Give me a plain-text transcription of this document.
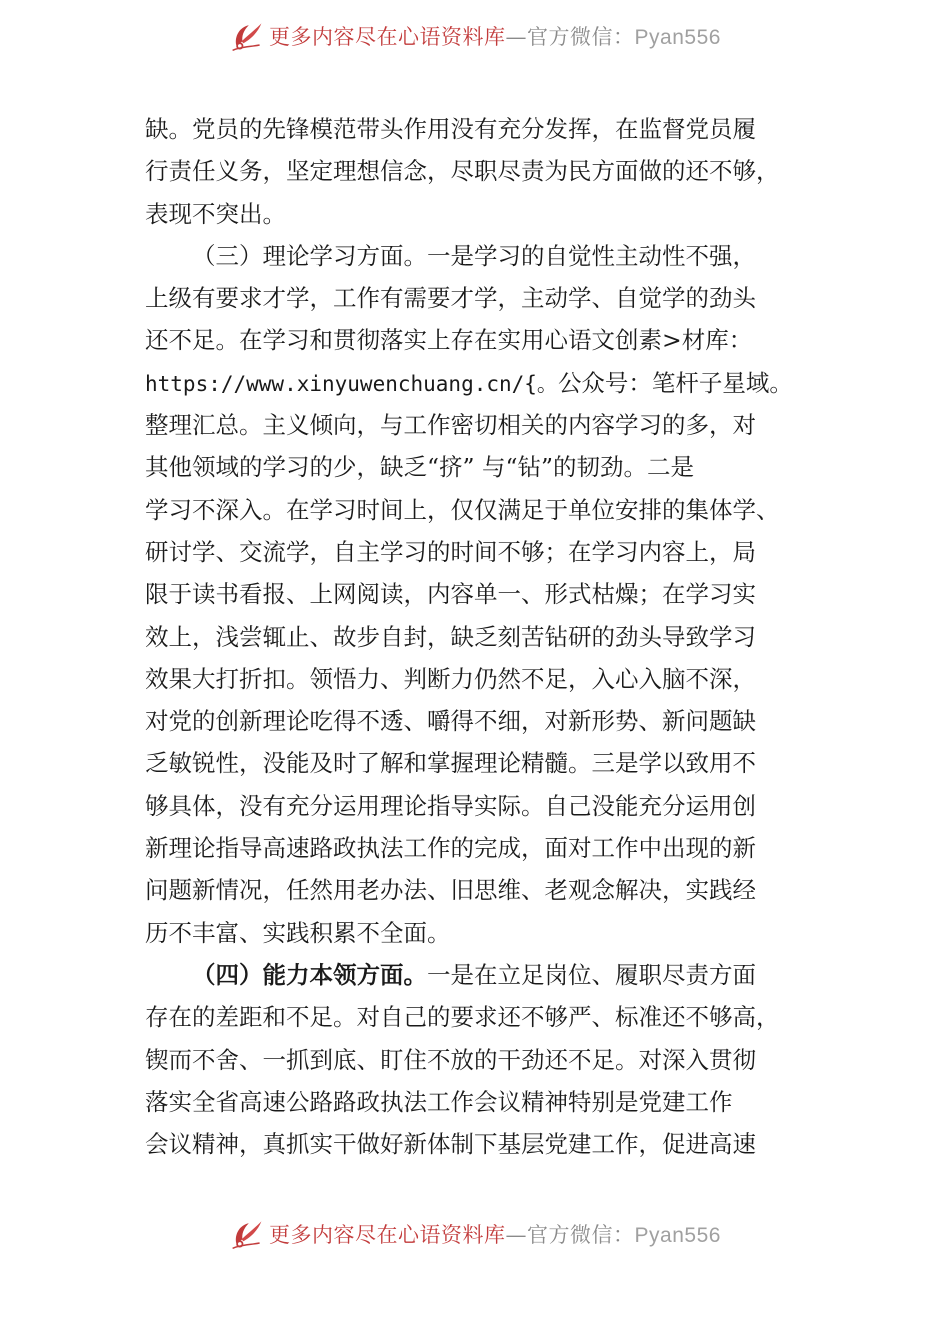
更多内容尽在心语资料库—官方微信：Pyan556
缺。党员的先锋模范带头作用没有充分发挥，在监督党员履
行责任义务，坚定理想信念，尽职尽责为民方面做的还不够，
表现不突出。
（三）理论学习方面。一是学习的自觉性主动性不强，
上级有要求才学，工作有需要才学，主动学、自觉学的劲头
还不足。在学习和贯彻落实上存在实用心语文创素>材库：
https://www.xinyuwenchuang.cn/{。公众号：笔杆子星域。
整理汇总。主义倾向，与工作密切相关的内容学习的多，对
其他领域的学习的少，缺乏“挤” 与“钻”的韧劲。二是
学习不深入。在学习时间上，仅仅满足于单位安排的集体学、
研讨学、交流学，自主学习的时间不够；在学习内容上，局
限于读书看报、上网阅读，内容单一、形式枯燥；在学习实
效上，浅尝辄止、故步自封，缺乏刻苦钻研的劲头导致学习
效果大打折扣。领悟力、判断力仍然不足，入心入脑不深，
对党的创新理论吃得不透、嚼得不细，对新形势、新问题缺
乏敏锐性，没能及时了解和掌握理论精髓。三是学以致用不
够具体，没有充分运用理论指导实际。自己没能充分运用创
新理论指导高速路政执法工作的完成，面对工作中出现的新
问题新情况，任然用老办法、旧思维、老观念解决，实践经
历不丰富、实践积累不全面。
（四）能力本领方面。一是在立足岗位、履职尽责方面
存在的差距和不足。对自己的要求还不够严、标准还不够高，
锲而不舍、一抓到底、盯住不放的干劲还不足。对深入贯彻
落实全省高速公路路政执法工作会议精神特别是党建工作
会议精神，真抓实干做好新体制下基层党建工作，促进高速
更多内容尽在心语资料库—官方微信：Pyan556
